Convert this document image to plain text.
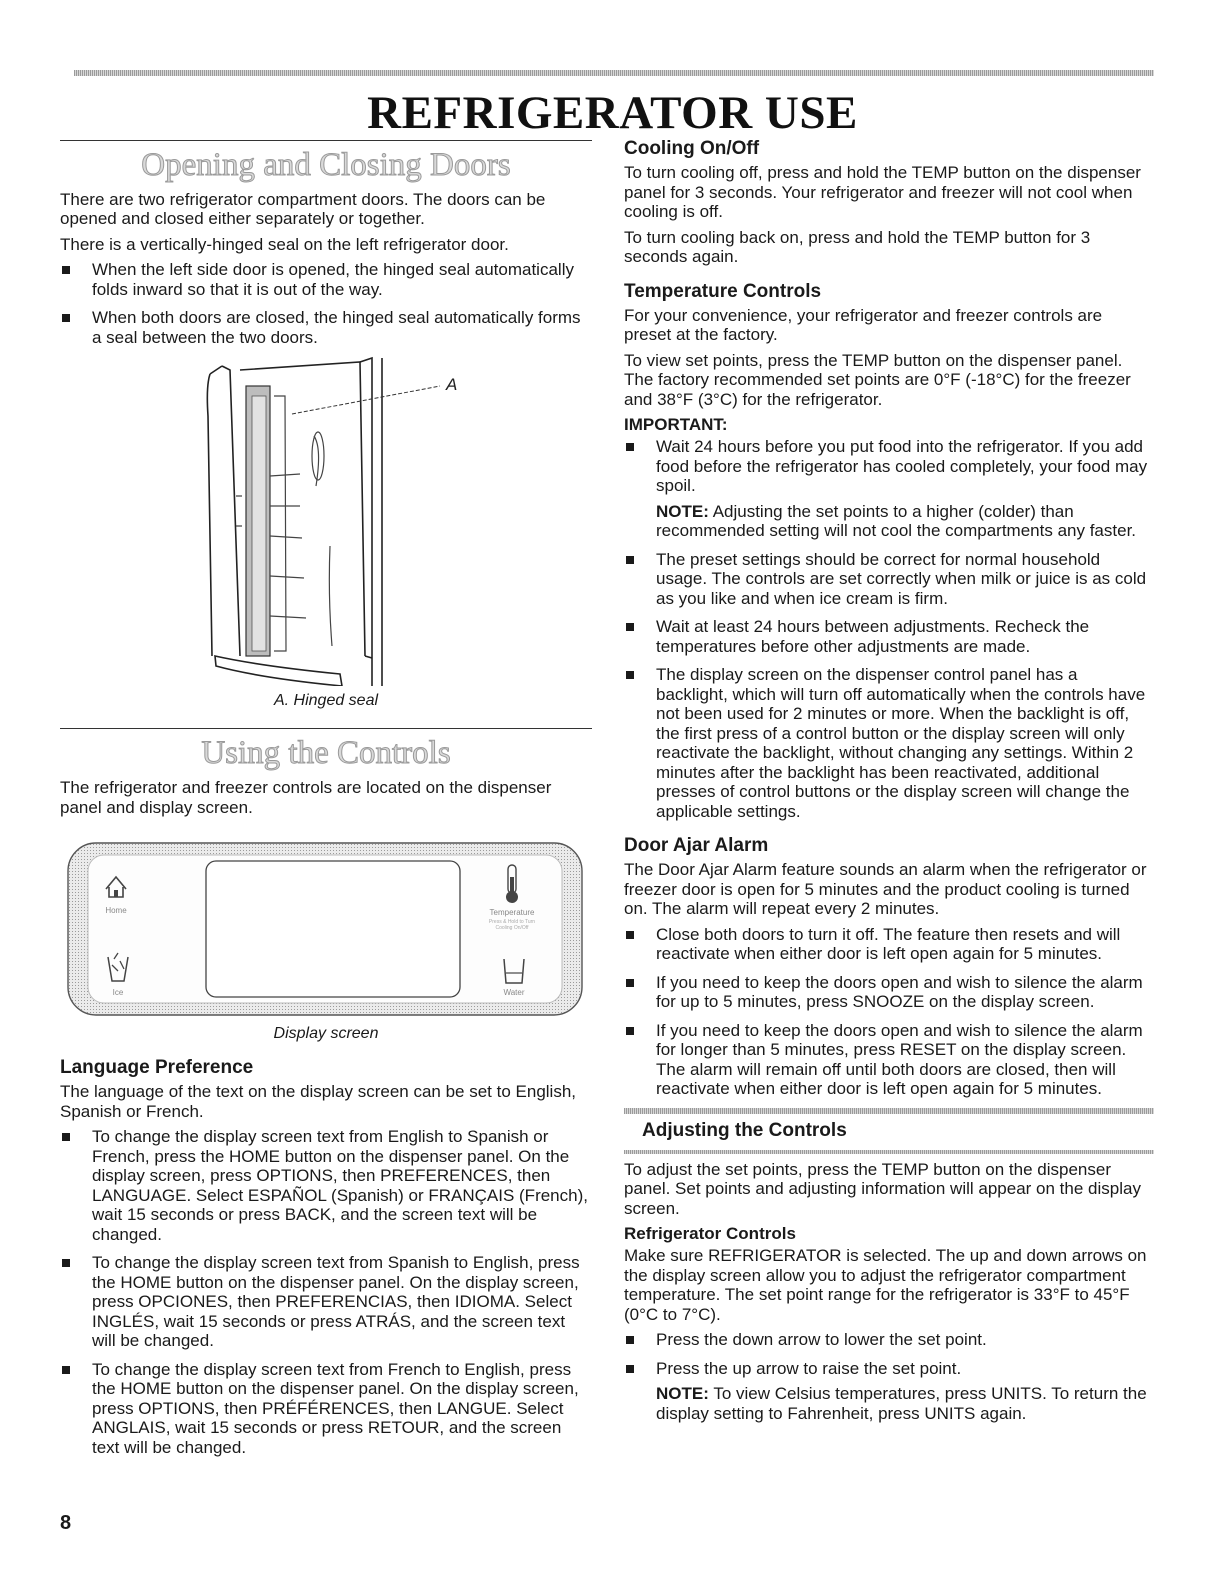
REFRIGERATOR USE
Opening and Closing Doors

There are two refrigerator compartment doors. The doors can be opened and closed either separately or together.

There is a vertically-hinged seal on the left refrigerator door.

When the left side door is opened, the hinged seal automatically folds inward so that it is out of the way.
When both doors are closed, the hinged seal automatically forms a seal between the two doors.
A
A. Hinged seal
Using the Controls

The refrigerator and freezer controls are located on the dispenser panel and display screen.

Home	Temperature
Press & Hold to Turn
Cooling On/Off
Ice	Water
Display screen
Language Preference

The language of the text on the display screen can be set to English, Spanish or French.

To change the display screen text from English to Spanish or French, press the HOME button on the dispenser panel. On the display screen, press OPTIONS, then PREFERENCES, then LANGUAGE. Select ESPAÑOL (Spanish) or FRANÇAIS (French), wait 15 seconds or press BACK, and the screen text will be changed.
To change the display screen text from Spanish to English, press the HOME button on the dispenser panel. On the display screen, press OPCIONES, then PREFERENCIAS, then IDIOMA. Select INGLÉS, wait 15 seconds or press ATRÁS, and the screen text will be changed.
To change the display screen text from French to English, press the HOME button on the dispenser panel. On the display screen, press OPTIONS, then PRÉFÉRENCES, then LANGUE. Select ANGLAIS, wait 15 seconds or press RETOUR, and the screen text will be changed.
Cooling On/Off

To turn cooling off, press and hold the TEMP button on the dispenser panel for 3 seconds. Your refrigerator and freezer will not cool when cooling is off.

To turn cooling back on, press and hold the TEMP button for 3 seconds again.

Temperature Controls

For your convenience, your refrigerator and freezer controls are preset at the factory.

To view set points, press the TEMP button on the dispenser panel. The factory recommended set points are 0°F (-18°C) for the freezer and 38°F (3°C) for the refrigerator.

IMPORTANT:
Wait 24 hours before you put food into the refrigerator. If you add food before the refrigerator has cooled completely, your food may spoil.
NOTE: Adjusting the set points to a higher (colder) than recommended setting will not cool the compartments any faster.
The preset settings should be correct for normal household usage. The controls are set correctly when milk or juice is as cold as you like and when ice cream is firm.
Wait at least 24 hours between adjustments. Recheck the temperatures before other adjustments are made.
The display screen on the dispenser control panel has a backlight, which will turn off automatically when the controls have not been used for 2 minutes or more. When the backlight is off, the first press of a control button or the display screen will only reactivate the backlight, without changing any settings. Within 2 minutes after the backlight has been reactivated, additional presses of control buttons or the display screen will change the applicable settings.
Door Ajar Alarm

The Door Ajar Alarm feature sounds an alarm when the refrigerator or freezer door is open for 5 minutes and the product cooling is turned on. The alarm will repeat every 2 minutes.

Close both doors to turn it off. The feature then resets and will reactivate when either door is left open again for 5 minutes.
If you need to keep the doors open and wish to silence the alarm for up to 5 minutes, press SNOOZE on the display screen.
If you need to keep the doors open and wish to silence the alarm for longer than 5 minutes, press RESET on the display screen. The alarm will remain off until both doors are closed, then will reactivate when either door is left open again for 5 minutes.
Adjusting the Controls

To adjust the set points, press the TEMP button on the dispenser panel. Set points and adjusting information will appear on the display screen.

Refrigerator Controls

Make sure REFRIGERATOR is selected. The up and down arrows on the display screen allow you to adjust the refrigerator compartment temperature. The set point range for the refrigerator is 33°F to 45°F (0°C to 7°C).

Press the down arrow to lower the set point.
Press the up arrow to raise the set point.
NOTE: To view Celsius temperatures, press UNITS. To return the display setting to Fahrenheit, press UNITS again.
8
